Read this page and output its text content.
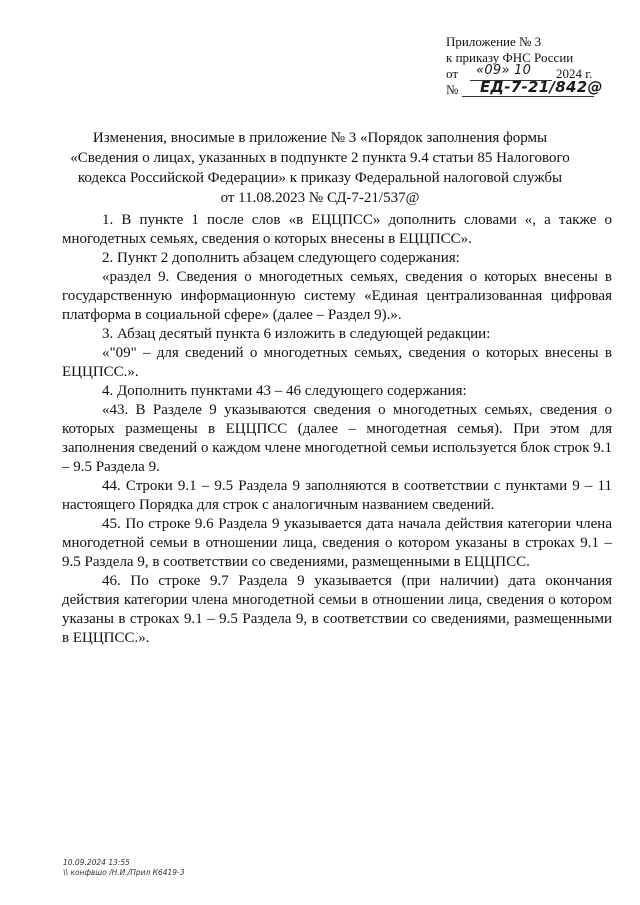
Приложение № 3
к приказу ФНС России
от «09» 10 2024 г.
№ ЕД-7-21/842@
Изменения, вносимые в приложение № 3 «Порядок заполнения формы
«Сведения о лицах, указанных в подпункте 2 пункта 9.4 статьи 85 Налогового
кодекса Российской Федерации» к приказу Федеральной налоговой службы
от 11.08.2023 № СД-7-21/537@

1. В пункте 1 после слов «в ЕЦЦПСС» дополнить словами «, а также о многодетных семьях, сведения о которых внесены в ЕЦЦПСС».

2. Пункт 2 дополнить абзацем следующего содержания:

«раздел 9. Сведения о многодетных семьях, сведения о которых внесены в государственную информационную систему «Единая централизованная цифровая платформа в социальной сфере» (далее – Раздел 9).».

3. Абзац десятый пункта 6 изложить в следующей редакции:

«"09" – для сведений о многодетных семьях, сведения о которых внесены в ЕЦЦПСС.».

4. Дополнить пунктами 43 – 46 следующего содержания:

«43. В Разделе 9 указываются сведения о многодетных семьях, сведения о которых размещены в ЕЦЦПСС (далее – многодетная семья). При этом для заполнения сведений о каждом члене многодетной семьи используется блок строк 9.1 – 9.5 Раздела 9.

44. Строки 9.1 – 9.5 Раздела 9 заполняются в соответствии с пунктами 9 – 11 настоящего Порядка для строк с аналогичным названием сведений.

45. По строке 9.6 Раздела 9 указывается дата начала действия категории члена многодетной семьи в отношении лица, сведения о котором указаны в строках 9.1 – 9.5 Раздела 9, в соответствии со сведениями, размещенными в ЕЦЦПСС.

46. По строке 9.7 Раздела 9 указывается (при наличии) дата окончания действия категории члена многодетной семьи в отношении лица, сведения о котором указаны в строках 9.1 – 9.5 Раздела 9, в соответствии со сведениями, размещенными в ЕЦЦПСС.».

10.09.2024 13:55
\\ конфвшо /Н.И./Прил К6419-3
